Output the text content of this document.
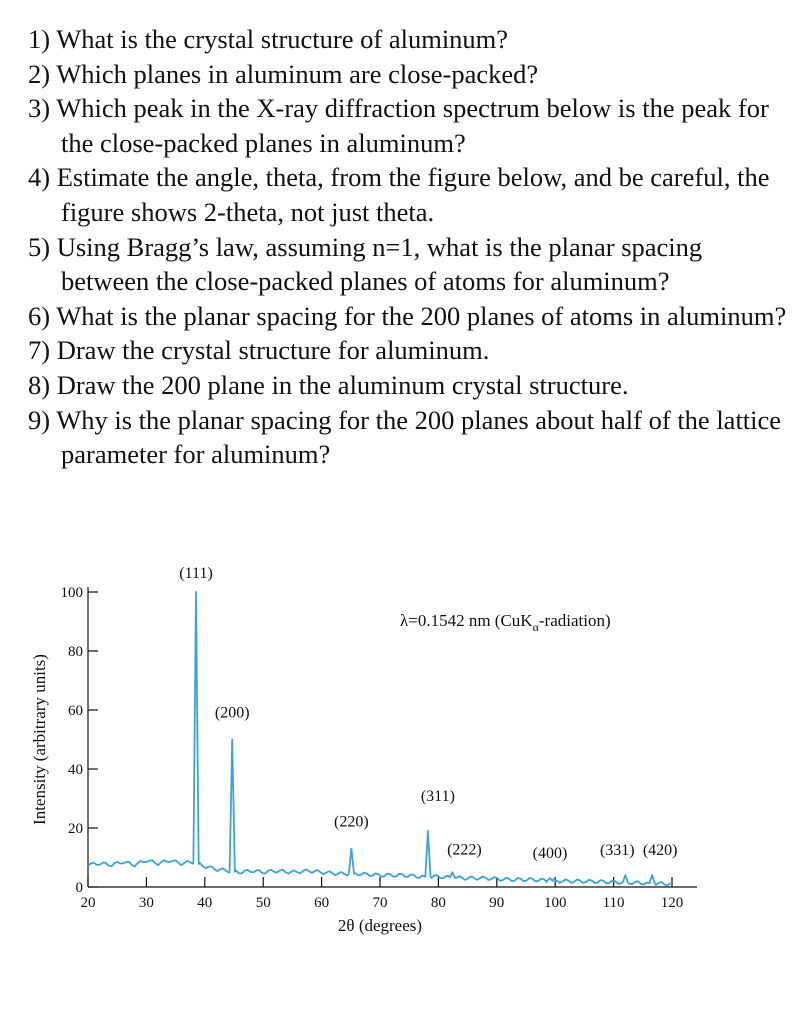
1) What is the crystal structure of aluminum?
2) Which planes in aluminum are close-packed?
3) Which peak in the X-ray diffraction spectrum below is the peak for the close-packed planes in aluminum?
4) Estimate the angle, theta, from the figure below, and be careful, the figure shows 2-theta, not just theta.
5) Using Bragg’s law, assuming n=1, what is the planar spacing between the close-packed planes of atoms for aluminum?
6) What is the planar spacing for the 200 planes of atoms in aluminum?
7) Draw the crystal structure for aluminum.
8) Draw the 200 plane in the aluminum crystal structure.
9) Why is the planar spacing for the 200 planes about half of the lattice parameter for aluminum?
0
20
40
60
80
100
20	30	40	50	60	70	80	90	100 110 120
(111)
(200)
(220)
(311)
(222)	(400) (331) (420)
Intensity (arbitrary units)
2θ (degrees)
λ=0.1542 nm (CuK$_\alpha$-radiation)
